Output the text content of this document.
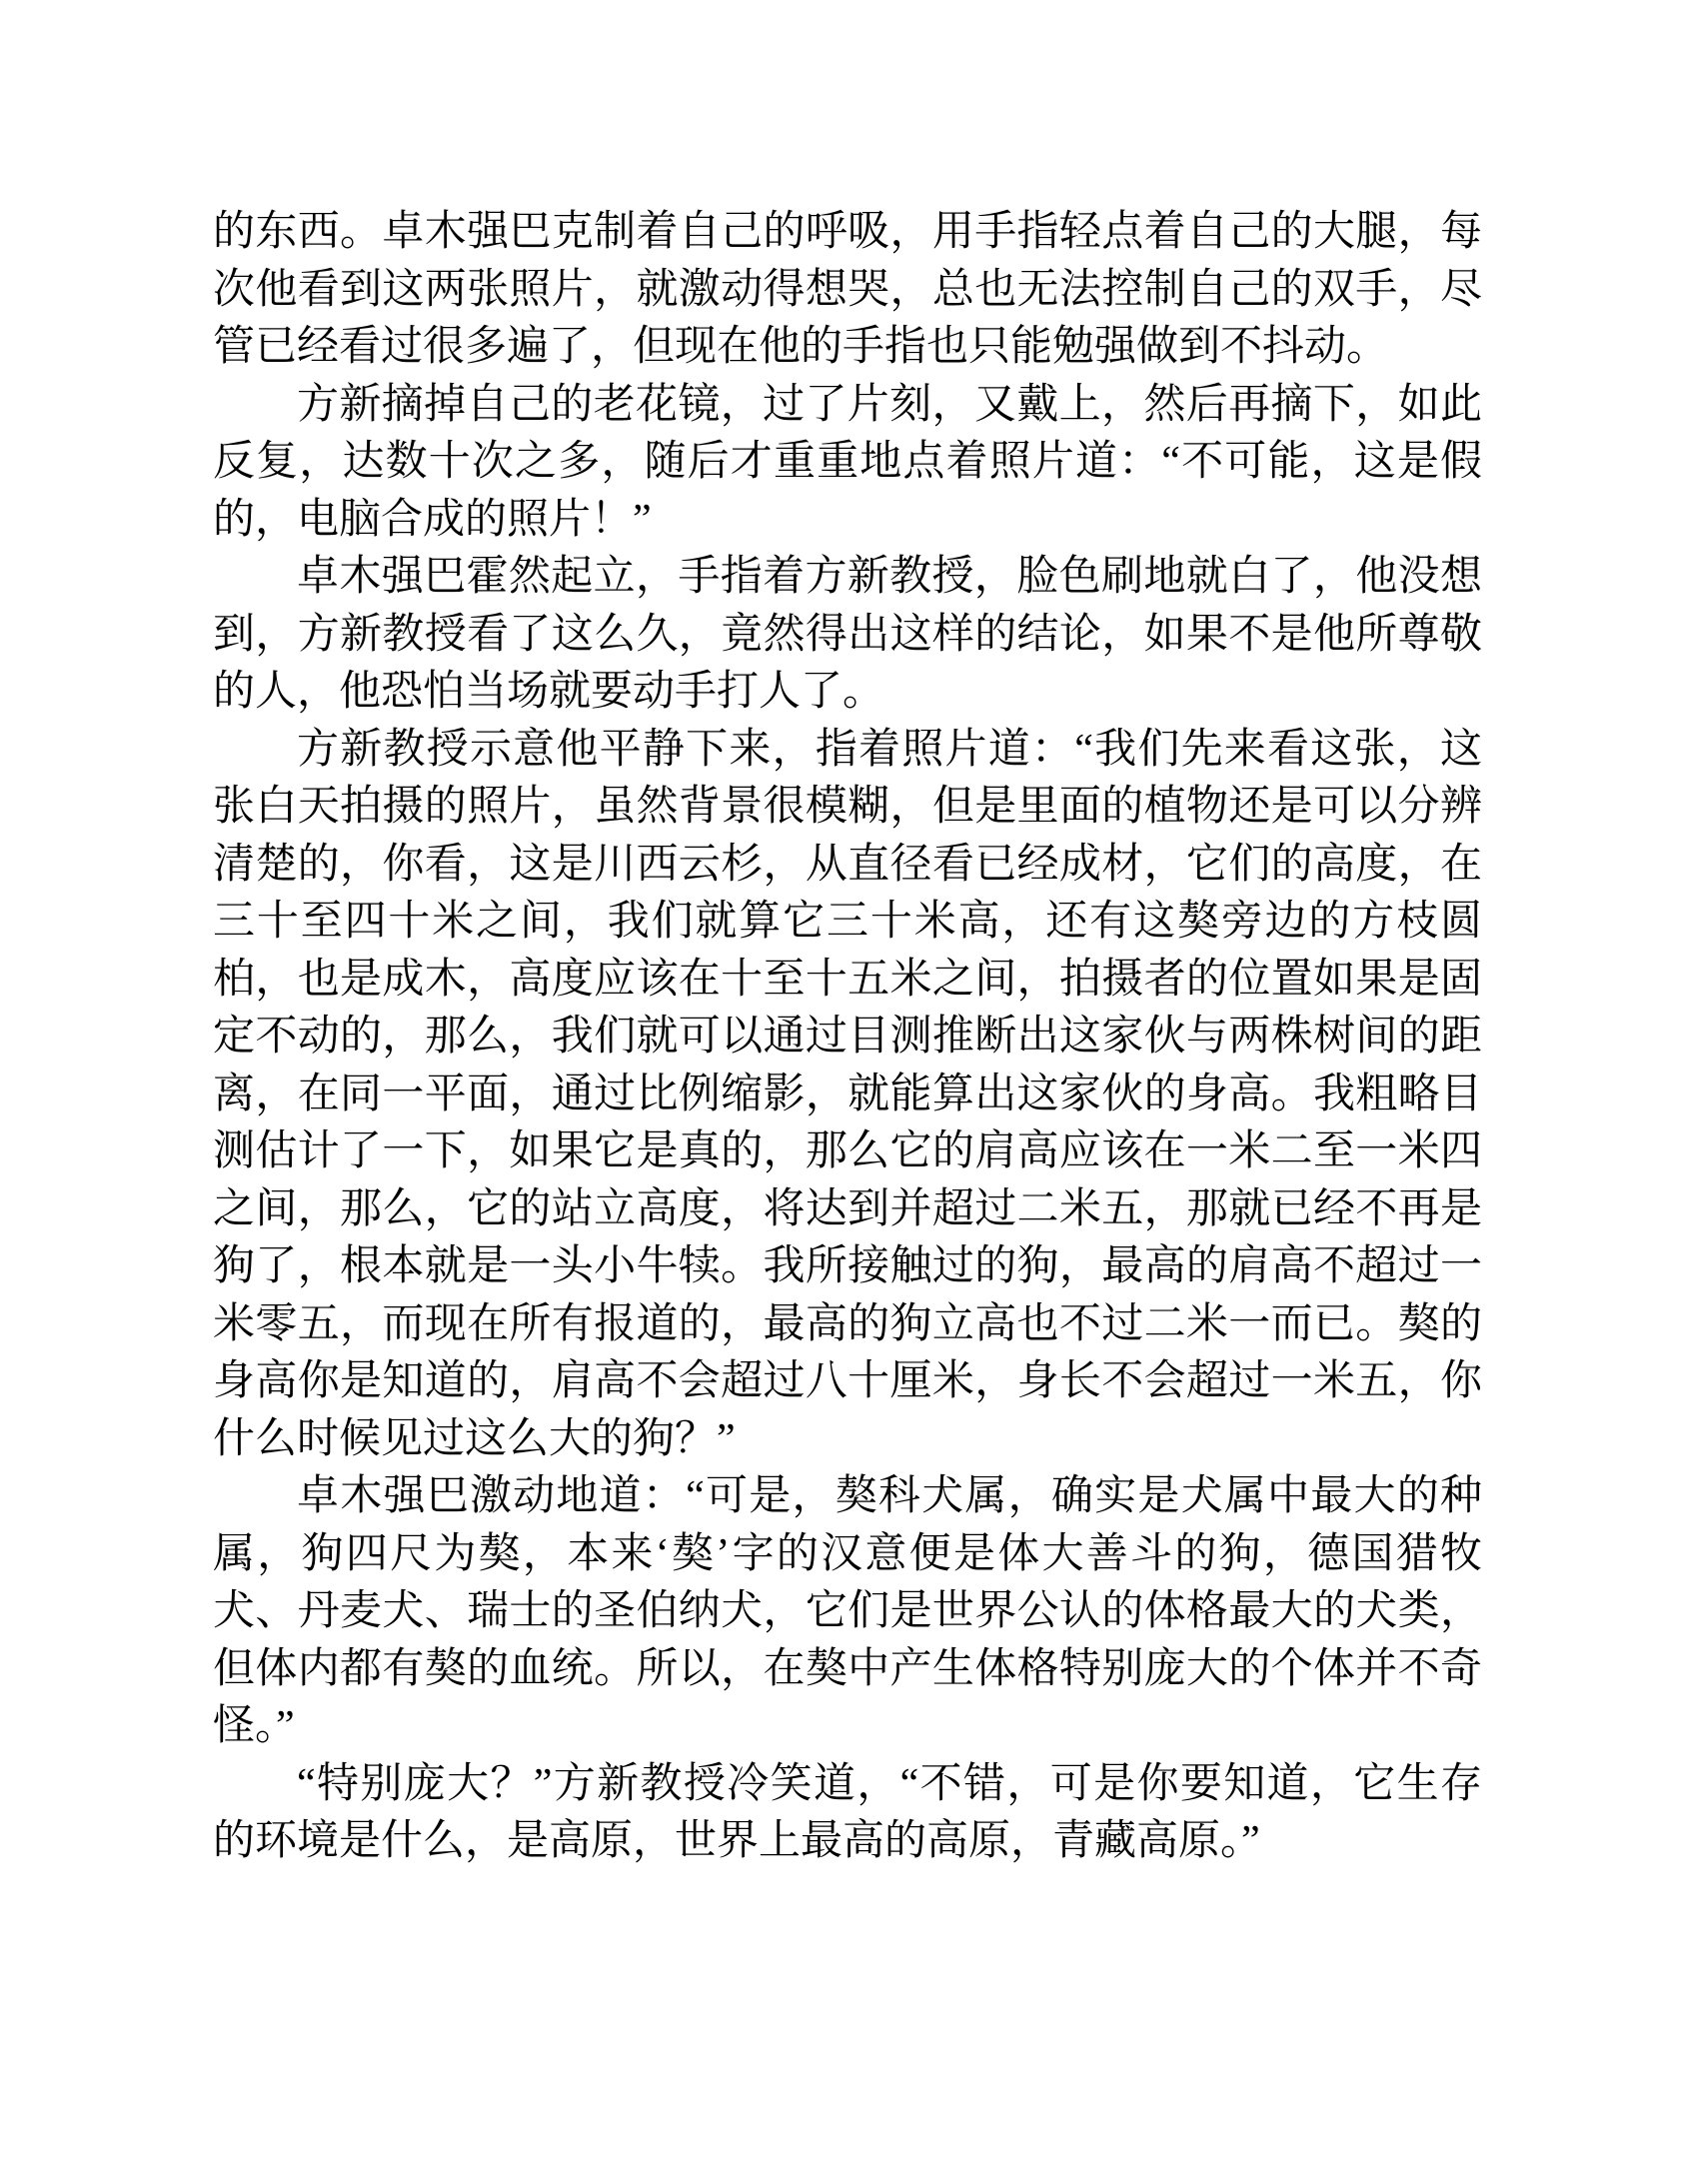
的东西。卓木强巴克制着自己的呼吸，用手指轻点着自己的大腿，每次他看到这两张照片，就激动得想哭，总也无法控制自己的双手，尽管已经看过很多遍了，但现在他的手指也只能勉强做到不抖动。

方新摘掉自己的老花镜，过了片刻，又戴上，然后再摘下，如此反复，达数十次之多，随后才重重地点着照片道：“不可能，这是假的，电脑合成的照片！”

卓木强巴霍然起立，手指着方新教授，脸色刷地就白了，他没想到，方新教授看了这么久，竟然得出这样的结论，如果不是他所尊敬的人，他恐怕当场就要动手打人了。

方新教授示意他平静下来，指着照片道：“我们先来看这张，这张白天拍摄的照片，虽然背景很模糊，但是里面的植物还是可以分辨清楚的，你看，这是川西云杉，从直径看已经成材，它们的高度，在三十至四十米之间，我们就算它三十米高，还有这獒旁边的方枝圆柏，也是成木，高度应该在十至十五米之间，拍摄者的位置如果是固定不动的，那么，我们就可以通过目测推断出这家伙与两株树间的距离，在同一平面，通过比例缩影，就能算出这家伙的身高。我粗略目测估计了一下，如果它是真的，那么它的肩高应该在一米二至一米四之间，那么，它的站立高度，将达到并超过二米五，那就已经不再是狗了，根本就是一头小牛犊。我所接触过的狗，最高的肩高不超过一米零五，而现在所有报道的，最高的狗立高也不过二米一而已。獒的身高你是知道的，肩高不会超过八十厘米，身长不会超过一米五，你什么时候见过这么大的狗？”

卓木强巴激动地道：“可是，獒科犬属，确实是犬属中最大的种属，狗四尺为獒，本来‘獒’字的汉意便是体大善斗的狗，德国猎牧犬、丹麦犬、瑞士的圣伯纳犬，它们是世界公认的体格最大的犬类，但体内都有獒的血统。所以，在獒中产生体格特别庞大的个体并不奇怪。”

“特别庞大？”方新教授冷笑道，“不错，可是你要知道，它生存的环境是什么，是高原，世界上最高的高原，青藏高原。”
